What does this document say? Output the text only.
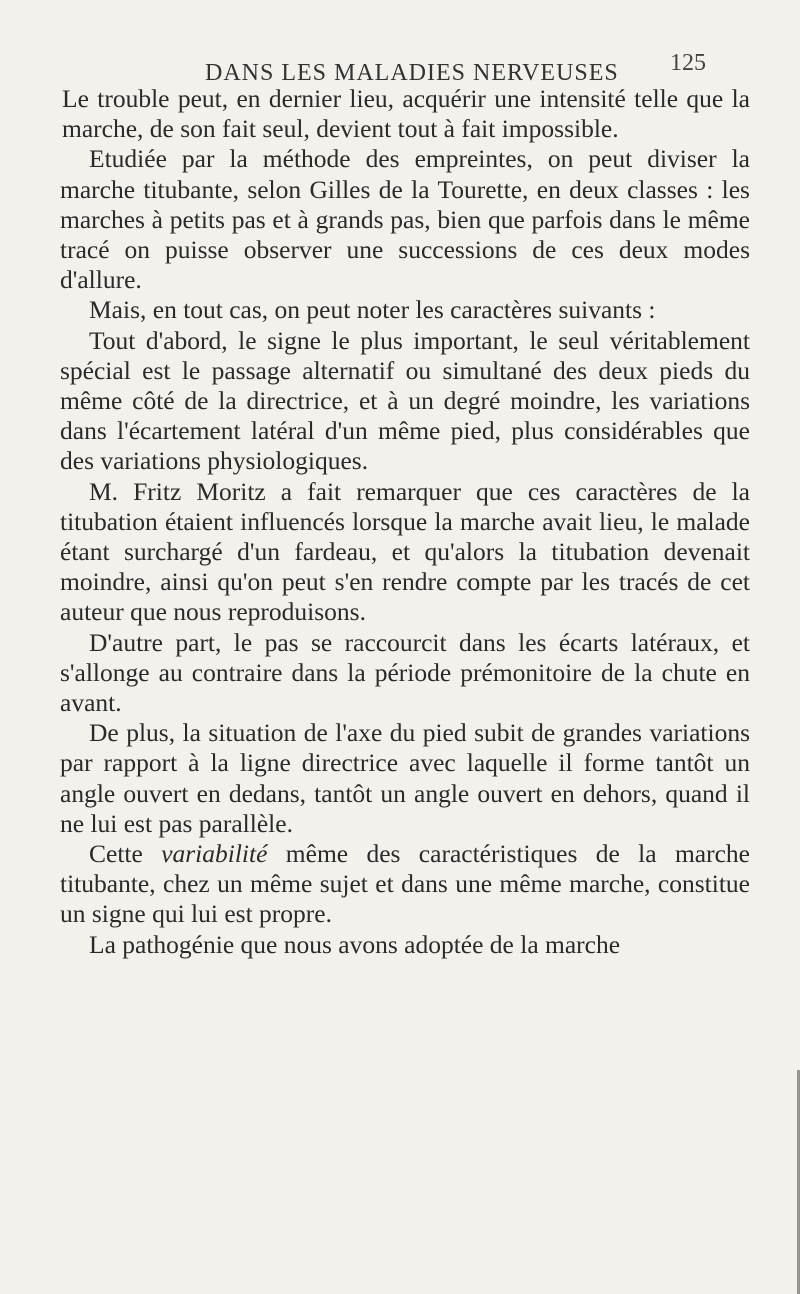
DANS LES MALADIES NERVEUSES 125

Le trouble peut, en dernier lieu, acquérir une intensité telle que la marche, de son fait seul, devient tout à fait impossible.

Etudiée par la méthode des empreintes, on peut diviser la marche titubante, selon Gilles de la Tourette, en deux classes : les marches à petits pas et à grands pas, bien que parfois dans le même tracé on puisse observer une successions de ces deux modes d'allure.

Mais, en tout cas, on peut noter les caractères suivants :

Tout d'abord, le signe le plus important, le seul véritablement spécial est le passage alternatif ou simultané des deux pieds du même côté de la directrice, et à un degré moindre, les variations dans l'écartement latéral d'un même pied, plus considérables que des variations physiologiques.

M. Fritz Moritz a fait remarquer que ces caractères de la titubation étaient influencés lorsque la marche avait lieu, le malade étant surchargé d'un fardeau, et qu'alors la titubation devenait moindre, ainsi qu'on peut s'en rendre compte par les tracés de cet auteur que nous reproduisons.

D'autre part, le pas se raccourcit dans les écarts latéraux, et s'allonge au contraire dans la période prémonitoire de la chute en avant.

De plus, la situation de l'axe du pied subit de grandes variations par rapport à la ligne directrice avec laquelle il forme tantôt un angle ouvert en dedans, tantôt un angle ouvert en dehors, quand il ne lui est pas parallèle.

Cette variabilité même des caractéristiques de la marche titubante, chez un même sujet et dans une même marche, constitue un signe qui lui est propre.

La pathogénie que nous avons adoptée de la marche
